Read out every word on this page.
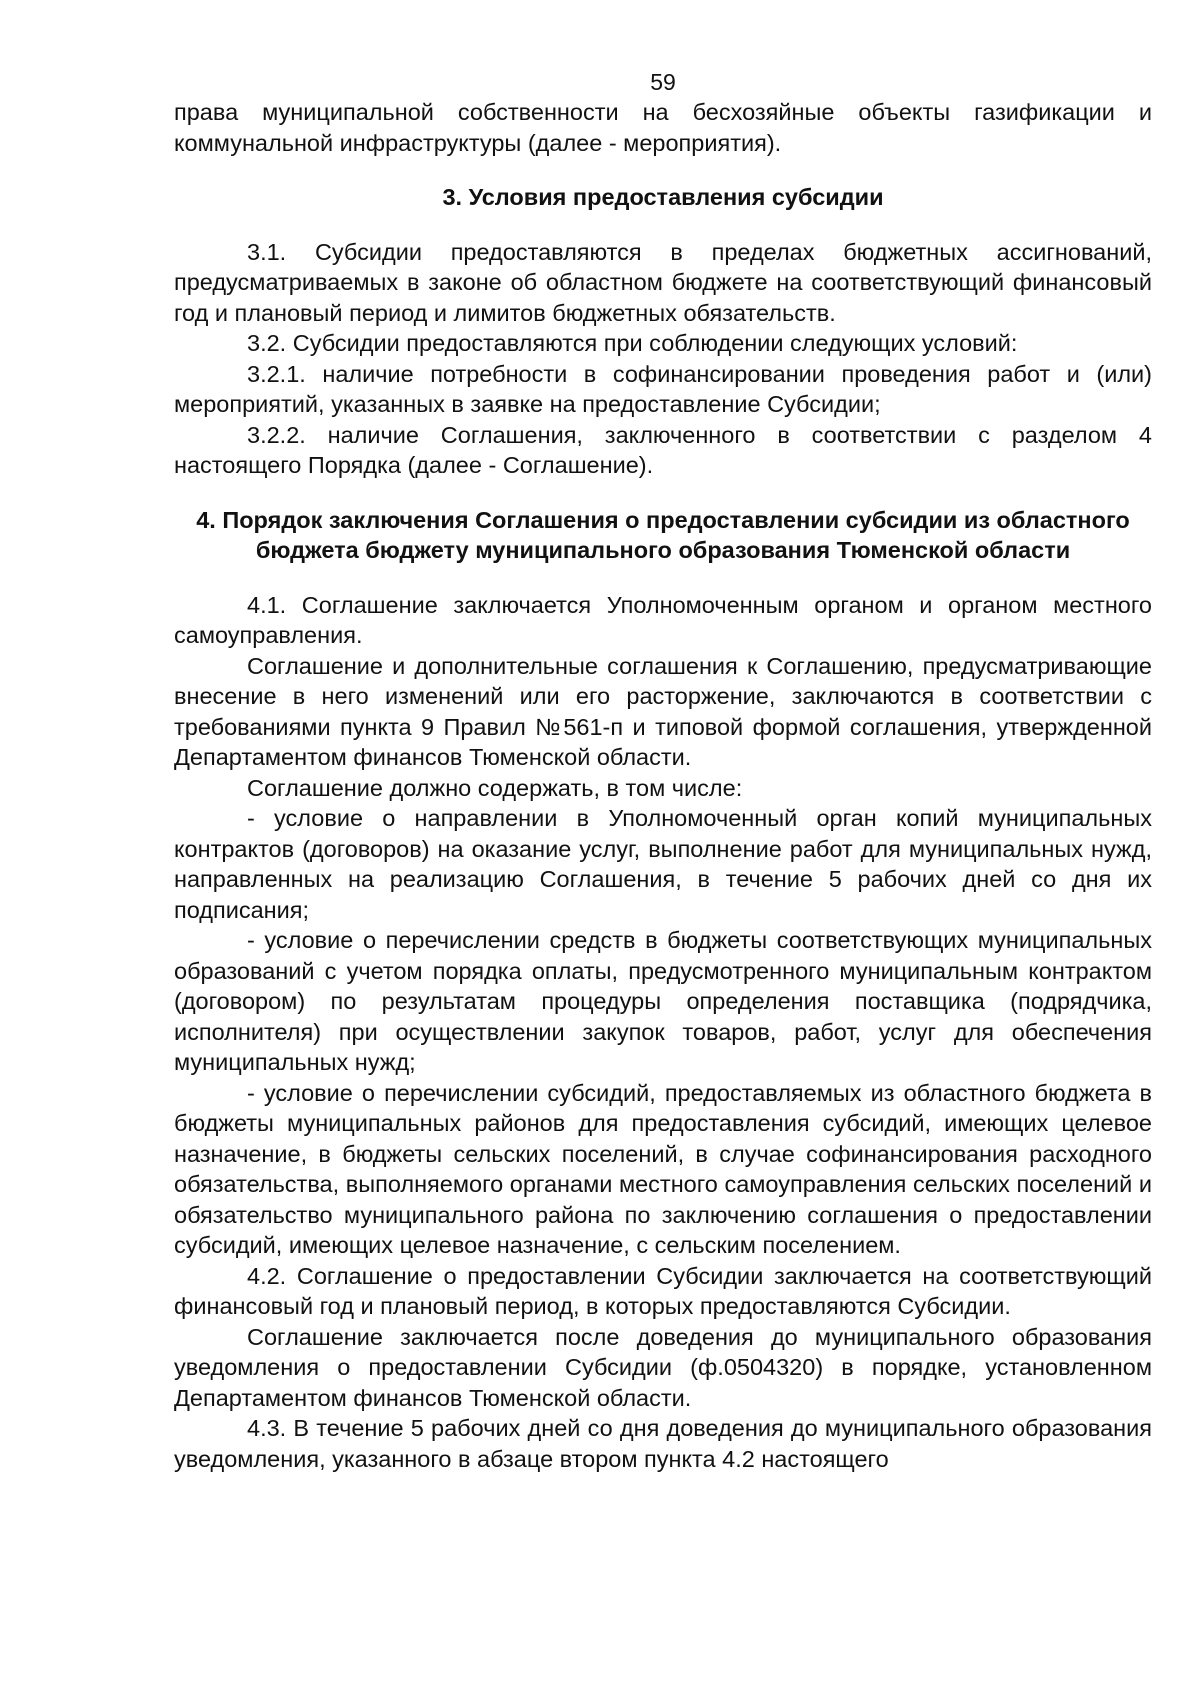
59

права муниципальной собственности на бесхозяйные объекты газификации и коммунальной инфраструктуры (далее - мероприятия).

3. Условия предоставления субсидии

3.1. Субсидии предоставляются в пределах бюджетных ассигнований, предусматриваемых в законе об областном бюджете на соответствующий финансовый год и плановый период и лимитов бюджетных обязательств.

3.2. Субсидии предоставляются при соблюдении следующих условий:

3.2.1. наличие потребности в софинансировании проведения работ и (или) мероприятий, указанных в заявке на предоставление Субсидии;

3.2.2. наличие Соглашения, заключенного в соответствии с разделом 4 настоящего Порядка (далее - Соглашение).

4. Порядок заключения Соглашения о предоставлении субсидии из областного бюджета бюджету муниципального образования Тюменской области

4.1. Соглашение заключается Уполномоченным органом и органом местного самоуправления.

Соглашение и дополнительные соглашения к Соглашению, предусматривающие внесение в него изменений или его расторжение, заключаются в соответствии с требованиями пункта 9 Правил №561-п и типовой формой соглашения, утвержденной Департаментом финансов Тюменской области.

Соглашение должно содержать, в том числе:

- условие о направлении в Уполномоченный орган копий муниципальных контрактов (договоров) на оказание услуг, выполнение работ для муниципальных нужд, направленных на реализацию Соглашения, в течение 5 рабочих дней со дня их подписания;

- условие о перечислении средств в бюджеты соответствующих муниципальных образований с учетом порядка оплаты, предусмотренного муниципальным контрактом (договором) по результатам процедуры определения поставщика (подрядчика, исполнителя) при осуществлении закупок товаров, работ, услуг для обеспечения муниципальных нужд;

- условие о перечислении субсидий, предоставляемых из областного бюджета в бюджеты муниципальных районов для предоставления субсидий, имеющих целевое назначение, в бюджеты сельских поселений, в случае софинансирования расходного обязательства, выполняемого органами местного самоуправления сельских поселений и обязательство муниципального района по заключению соглашения о предоставлении субсидий, имеющих целевое назначение, с сельским поселением.

4.2. Соглашение о предоставлении Субсидии заключается на соответствующий финансовый год и плановый период, в которых предоставляются Субсидии.

Соглашение заключается после доведения до муниципального образования уведомления о предоставлении Субсидии (ф.0504320) в порядке, установленном Департаментом финансов Тюменской области.

4.3. В течение 5 рабочих дней со дня доведения до муниципального образования уведомления, указанного в абзаце втором пункта 4.2 настоящего
